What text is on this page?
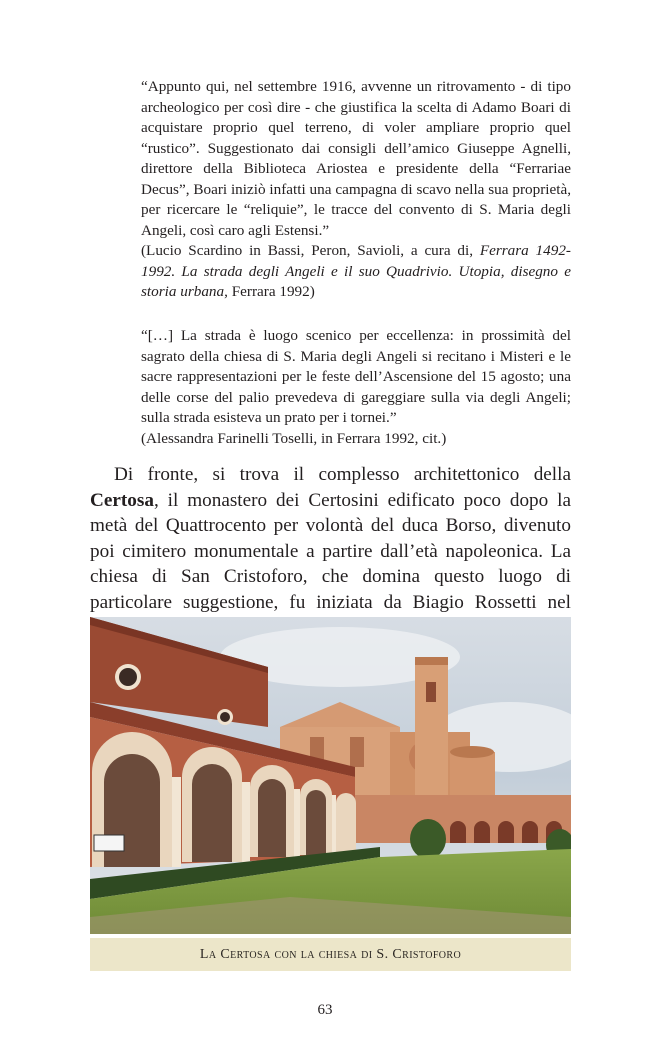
“Appunto qui, nel settembre 1916, avvenne un ritrovamento - di tipo archeologico per così dire - che giustifica la scelta di Adamo Boari di acquistare proprio quel terreno, di voler ampliare proprio quel “rustico”. Suggestionato dai consigli dell’amico Giuseppe Agnelli, direttore della Biblioteca Ariostea e presidente della “Ferrariae Decus”, Boari iniziò infatti una campagna di scavo nella sua proprietà, per ricercare le “reliquie”, le tracce del convento di S. Maria degli Angeli, così caro agli Estensi.”

(Lucio Scardino in Bassi, Peron, Savioli, a cura di, Ferrara 1492-1992. La strada degli Angeli e il suo Quadrivio. Utopia, disegno e storia urbana, Ferrara 1992)

“[…] La strada è luogo scenico per eccellenza: in prossimità del sagrato della chiesa di S. Maria degli Angeli si recitano i Misteri e le sacre rappresentazioni per le feste dell’Ascensione del 15 agosto; una delle corse del palio prevedeva di gareggiare sulla via degli Angeli; sulla strada esisteva un prato per i tornei.”

(Alessandra Farinelli Toselli, in Ferrara 1992, cit.)

Di fronte, si trova il complesso architettonico della Certosa, il monastero dei Certosini edificato poco dopo la metà del Quattrocento per volontà del duca Borso, divenuto poi cimitero monumentale a partire dall’età napoleonica. La chiesa di San Cristoforo, che domina questo luogo di particolare suggestione, fu iniziata da Biagio Rossetti nel

La Certosa con la chiesa di S. Cristoforo
63
